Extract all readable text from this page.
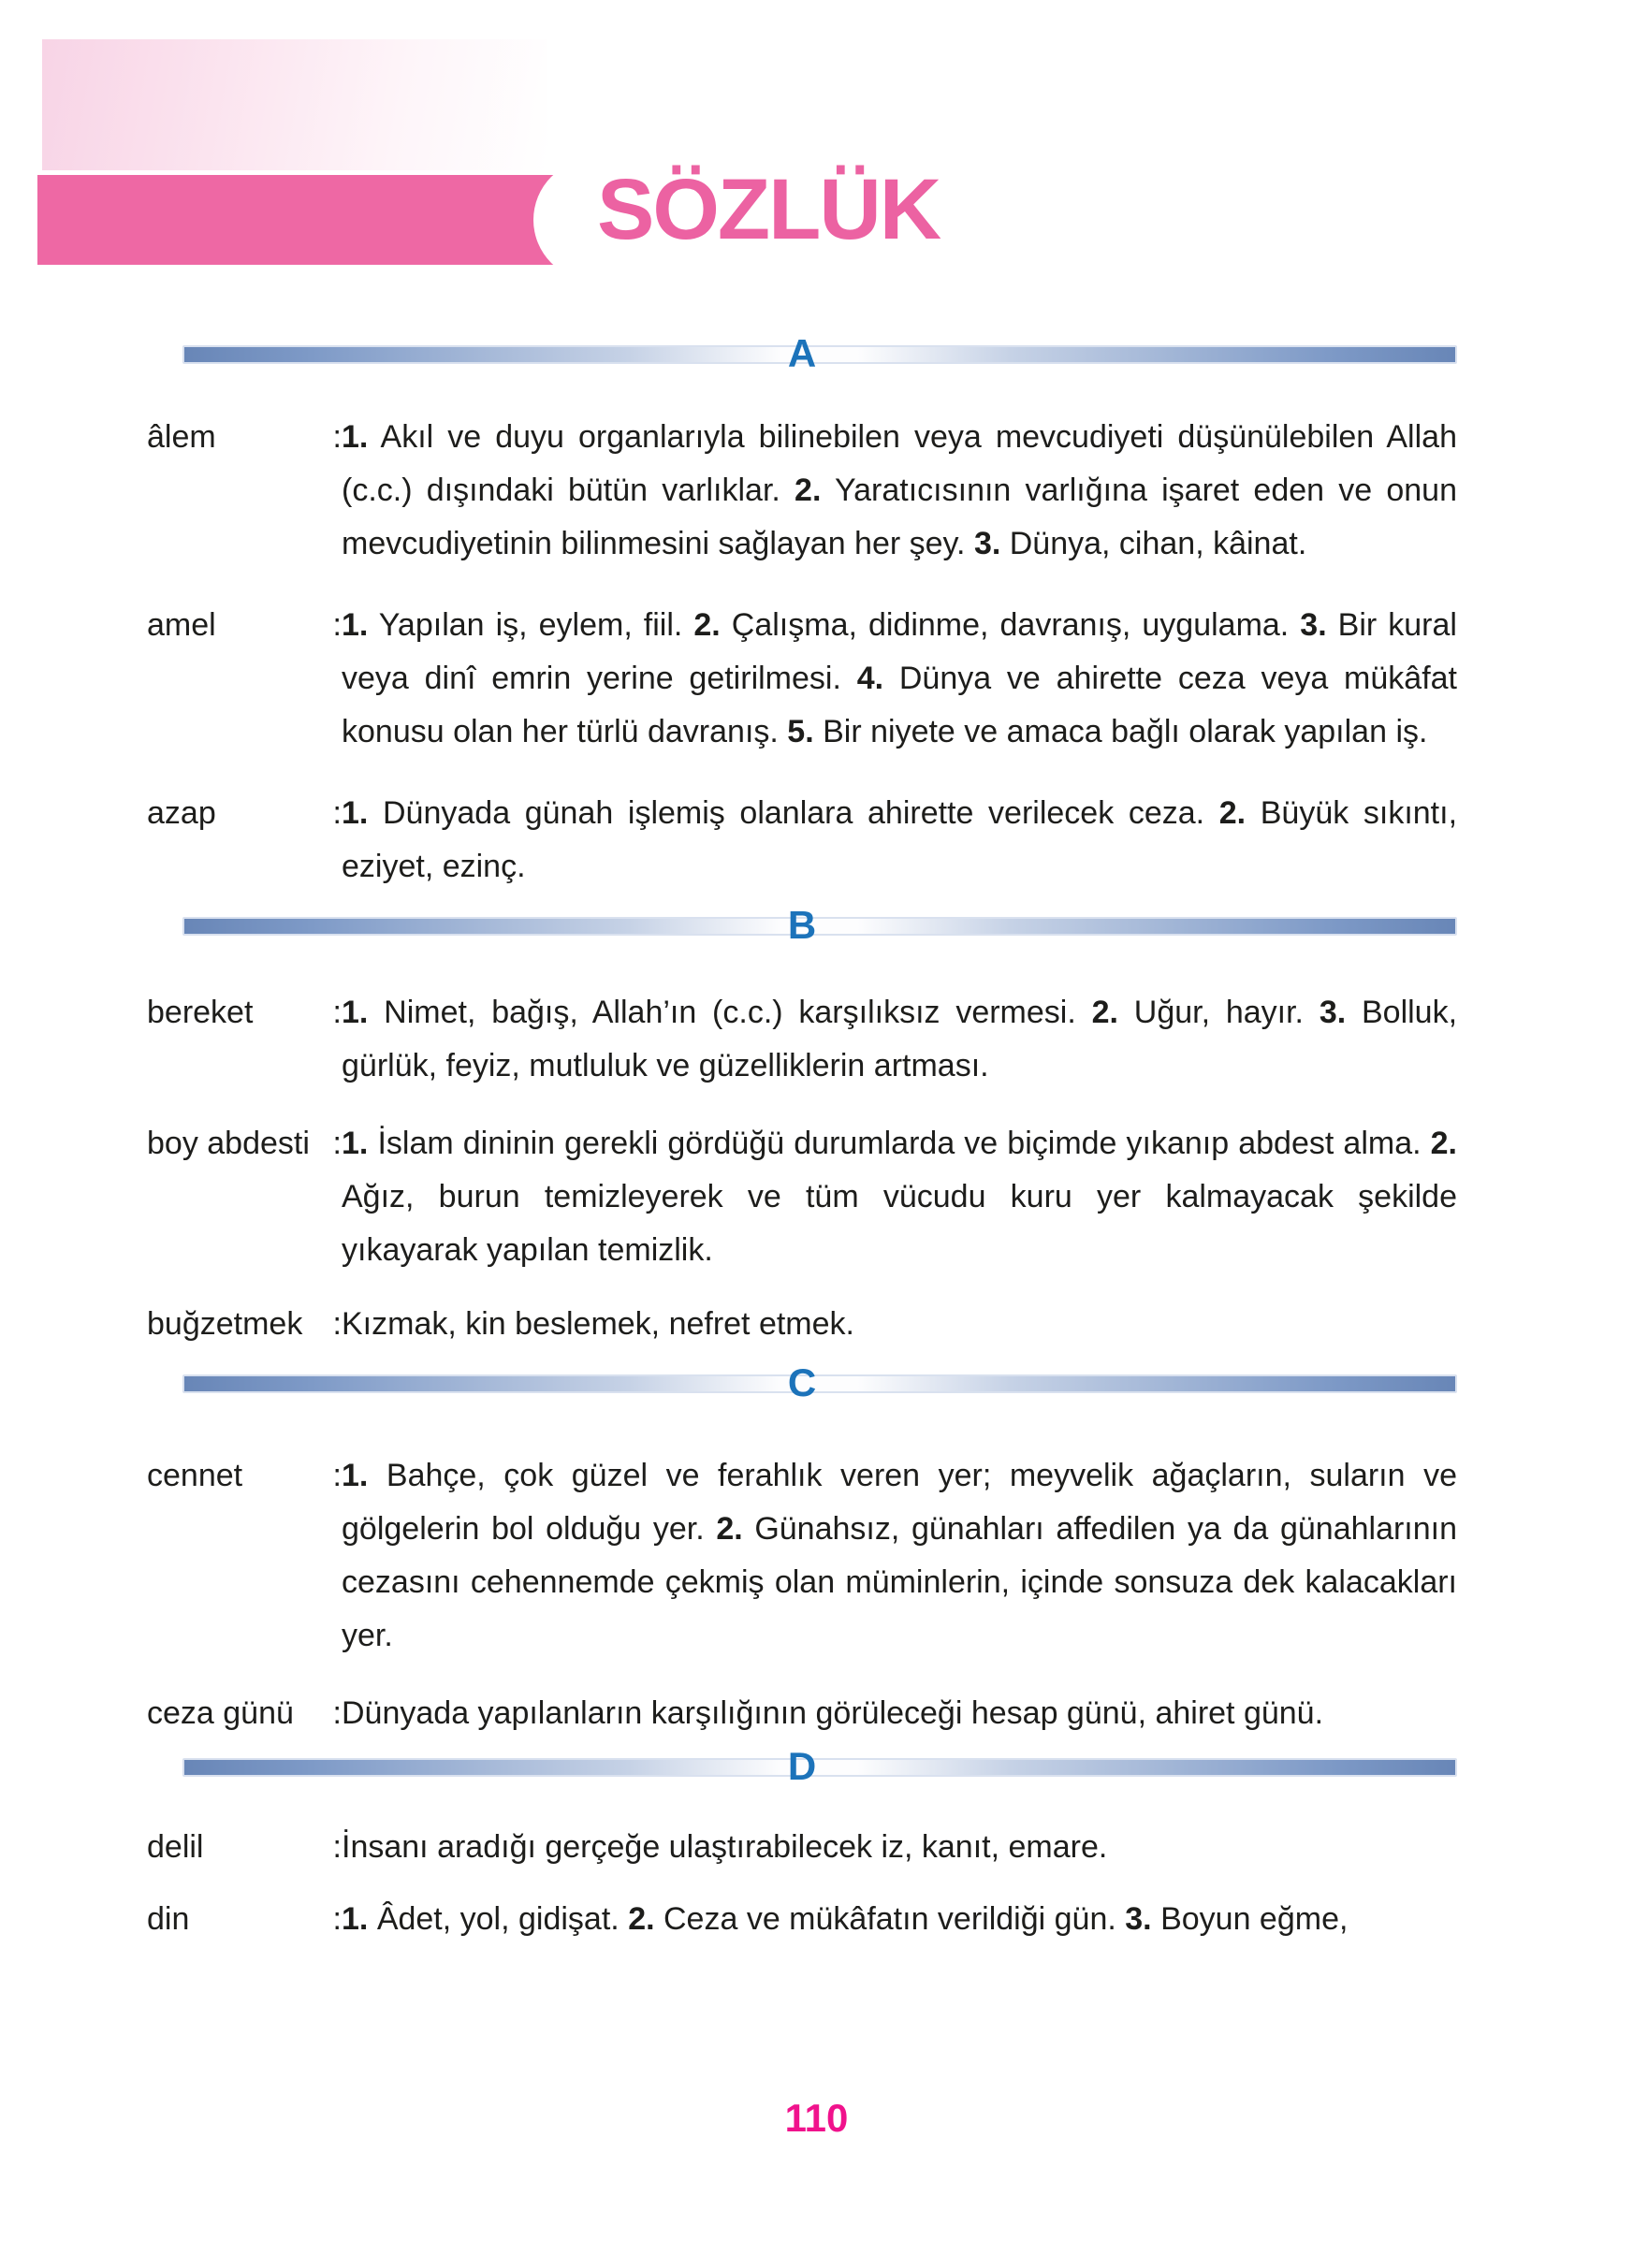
SÖZLÜK
A
âlem	: 1. Akıl ve duyu organlarıyla bilinebilen veya mevcudiyeti düşünülebilen Allah (c.c.) dışındaki bütün varlıklar. 2. Yaratıcısının varlığına işaret eden ve onun mevcudiyetinin bilinmesini sağlayan her şey. 3. Dünya, cihan, kâinat.
amel	: 1. Yapılan iş, eylem, fiil. 2. Çalışma, didinme, davranış, uygulama. 3. Bir kural veya dinî emrin yerine getirilmesi. 4. Dünya ve ahirette ceza veya mükâfat konusu olan her türlü davranış. 5. Bir niyete ve amaca bağlı olarak yapılan iş.
azap	: 1. Dünyada günah işlemiş olanlara ahirette verilecek ceza. 2. Büyük sıkıntı, eziyet, ezinç.
B
bereket	: 1. Nimet, bağış, Allah’ın (c.c.) karşılıksız vermesi. 2. Uğur, hayır. 3. Bolluk, gürlük, feyiz, mutluluk ve güzelliklerin artması.
boy abdesti : 1. İslam dininin gerekli gördüğü durumlarda ve biçimde yıkanıp abdest alma. 2. Ağız, burun temizleyerek ve tüm vücudu kuru yer kalmayacak şekilde yıkayarak yapılan temizlik.
buğzetmek : Kızmak, kin beslemek, nefret etmek.
C
cennet	: 1. Bahçe, çok güzel ve ferahlık veren yer; meyvelik ağaçların, suların ve gölgelerin bol olduğu yer. 2. Günahsız, günahları affedilen ya da günahlarının cezasını cehennemde çekmiş olan müminlerin, içinde sonsuza dek kalacakları yer.
ceza günü : Dünyada yapılanların karşılığının görüleceği hesap günü, ahiret günü.
D
delil	: İnsanı aradığı gerçeğe ulaştırabilecek iz, kanıt, emare.
din	: 1. Âdet, yol, gidişat. 2. Ceza ve mükâfatın verildiği gün. 3. Boyun eğme,
110
